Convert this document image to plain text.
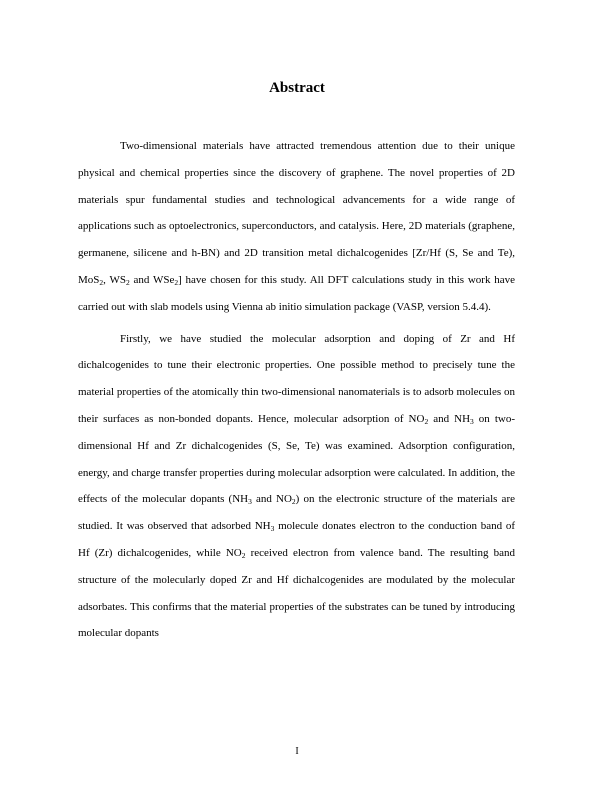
Abstract

Two-dimensional materials have attracted tremendous attention due to their unique physical and chemical properties since the discovery of graphene. The novel properties of 2D materials spur fundamental studies and technological advancements for a wide range of applications such as optoelectronics, superconductors, and catalysis. Here, 2D materials (graphene, germanene, silicene and h-BN) and 2D transition metal dichalcogenides [Zr/Hf (S, Se and Te), MoS$_2$, $WS_2$ and WSe$_2$] have chosen for this study. All DFT calculations study in this work have carried out with slab models using Vienna ab initio simulation package (VASP, version 5.4.4).

Firstly, we have studied the molecular adsorption and doping of Zr and Hf dichalcogenides to tune their electronic properties. One possible method to precisely tune the material properties of the atomically thin two-dimensional nanomaterials is to adsorb molecules on their surfaces as non-bonded dopants. Hence, molecular adsorption of $NO_2$ and $NH_3$ on two-dimensional Hf and Zr dichalcogenides (S, Se, Te) was examined. Adsorption configuration, energy, and charge transfer properties during molecular adsorption were calculated. In addition, the effects of the molecular dopants ($NH_3$ and $NO_2$) on the electronic structure of the materials are studied. It was observed that adsorbed $NH_3$ molecule donates electron to the conduction band of Hf (Zr) dichalcogenides, while $NO_2$ received electron from valence band. The resulting band structure of the molecularly doped Zr and Hf dichalcogenides are modulated by the molecular adsorbates. This confirms that the material properties of the substrates can be tuned by introducing molecular dopants

I
